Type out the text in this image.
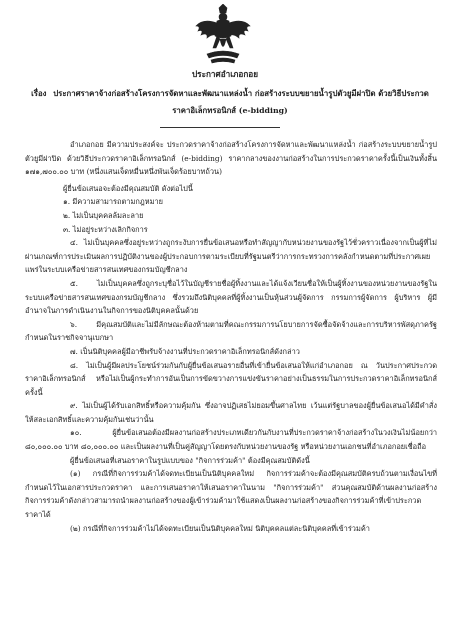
ประกาศอำเภอกอย
เรื่อง ประกาศราคาจ้างก่อสร้างโครงการจัดหาและพัฒนาแหล่งน้ำ ก่อสร้างระบบขยายน้ำรูปตัวยูมีฝาปิด ด้วยวิธีประกวดราคาอิเล็กทรอนิกส์ (e-bidding)

อำเภอกอย มีความประสงค์จะ ประกวดราคาจ้างก่อสร้างโครงการจัดหาและพัฒนาแหล่งน้ำ ก่อสร้างระบบขยายน้ำรูปตัวยูมีฝาปิด ด้วยวิธีประกวดราคาอิเล็กทรอนิกส์ (e-bidding) ราคากลางของงานก่อสร้างในการประกวดราคาครั้งนี้เป็นเงินทั้งสิ้น ๑๗๑,๗๐๐.๐๐ บาท (หนึ่งแสนเจ็ดหมื่นหนึ่งพันเจ็ดร้อยบาทถ้วน)

ผู้ยื่นข้อเสนอจะต้องมีคุณสมบัติ ดังต่อไปนี้

๑. มีความสามารถตามกฎหมาย

๒. ไม่เป็นบุคคลล้มละลาย

๓. ไม่อยู่ระหว่างเลิกกิจการ

๔. ไม่เป็นบุคคลซึ่งอยู่ระหว่างถูกระงับการยื่นข้อเสนอหรือทำสัญญากับหน่วยงานของรัฐไว้ชั่วคราวเนื่องจากเป็นผู้ที่ไม่ผ่านเกณฑ์การประเมินผลการปฏิบัติงานของผู้ประกอบการตามระเบียบที่รัฐมนตรีว่าการกระทรวงการคลังกำหนดตามที่ประกาศเผยแพร่ในระบบเครือข่ายสารสนเทศของกรมบัญชีกลาง

๕. ไม่เป็นบุคคลซึ่งถูกระบุชื่อไว้ในบัญชีรายชื่อผู้ทิ้งงานและได้แจ้งเวียนชื่อให้เป็นผู้ทิ้งงานของหน่วยงานของรัฐในระบบเครือข่ายสารสนเทศของกรมบัญชีกลาง ซึ่งรวมถึงนิติบุคคลที่ผู้ทิ้งงานเป็นหุ้นส่วนผู้จัดการ กรรมการผู้จัดการ ผู้บริหาร ผู้มีอำนาจในการดำเนินงานในกิจการของนิติบุคคลนั้นด้วย

๖. มีคุณสมบัติและไม่มีลักษณะต้องห้ามตามที่คณะกรรมการนโยบายการจัดซื้อจัดจ้างและการบริหารพัสดุภาครัฐกำหนดในราชกิจจานุเบกษา

๗. เป็นนิติบุคคลผู้มีอาชีพรับจ้างงานที่ประกวดราคาอิเล็กทรอนิกส์ดังกล่าว

๘. ไม่เป็นผู้มีผลประโยชน์ร่วมกันกับผู้ยื่นข้อเสนอรายอื่นที่เข้ายื่นข้อเสนอให้แก่อำเภอกอย ณ วันประกาศประกวดราคาอิเล็กทรอนิกส์ หรือไม่เป็นผู้กระทำการอันเป็นการขัดขวางการแข่งขันราคาอย่างเป็นธรรมในการประกวดราคาอิเล็กทรอนิกส์ครั้งนี้

๙. ไม่เป็นผู้ได้รับเอกสิทธิ์หรือความคุ้มกัน ซึ่งอาจปฏิเสธไม่ยอมขึ้นศาลไทย เว้นแต่รัฐบาลของผู้ยื่นข้อเสนอได้มีคำสั่งให้สละเอกสิทธิ์และความคุ้มกันเช่นว่านั้น

๑๐. ผู้ยื่นข้อเสนอต้องมีผลงานก่อสร้างประเภทเดียวกันกับงานที่ประกวดราคาจ้างก่อสร้างในวงเงินไม่น้อยกว่า ๘๐,๐๐๐.๐๐ บาท ๘๐,๐๐๐.๐๐ และเป็นผลงานที่เป็นคู่สัญญาโดยตรงกับหน่วยงานของรัฐ หรือหน่วยงานเอกชนที่อำเภอกอยเชื่อถือ

ผู้ยื่นข้อเสนอที่เสนอราคาในรูปแบบของ "กิจการร่วมค้า" ต้องมีคุณสมบัติดังนี้

(๑) กรณีที่กิจการร่วมค้าได้จดทะเบียนเป็นนิติบุคคลใหม่ กิจการร่วมค้าจะต้องมีคุณสมบัติครบถ้วนตามเงื่อนไขที่กำหนดไว้ในเอกสารประกวดราคา และการเสนอราคาให้เสนอราคาในนาม "กิจการร่วมค้า" ส่วนคุณสมบัติด้านผลงานก่อสร้าง กิจการร่วมค้าดังกล่าวสามารถนำผลงานก่อสร้างของผู้เข้าร่วมค้ามาใช้แสดงเป็นผลงานก่อสร้างของกิจการร่วมค้าที่เข้าประกวดราคาได้

(๒) กรณีที่กิจการร่วมค้าไม่ได้จดทะเบียนเป็นนิติบุคคลใหม่ นิติบุคคลแต่ละนิติบุคคลที่เข้าร่วมค้า
